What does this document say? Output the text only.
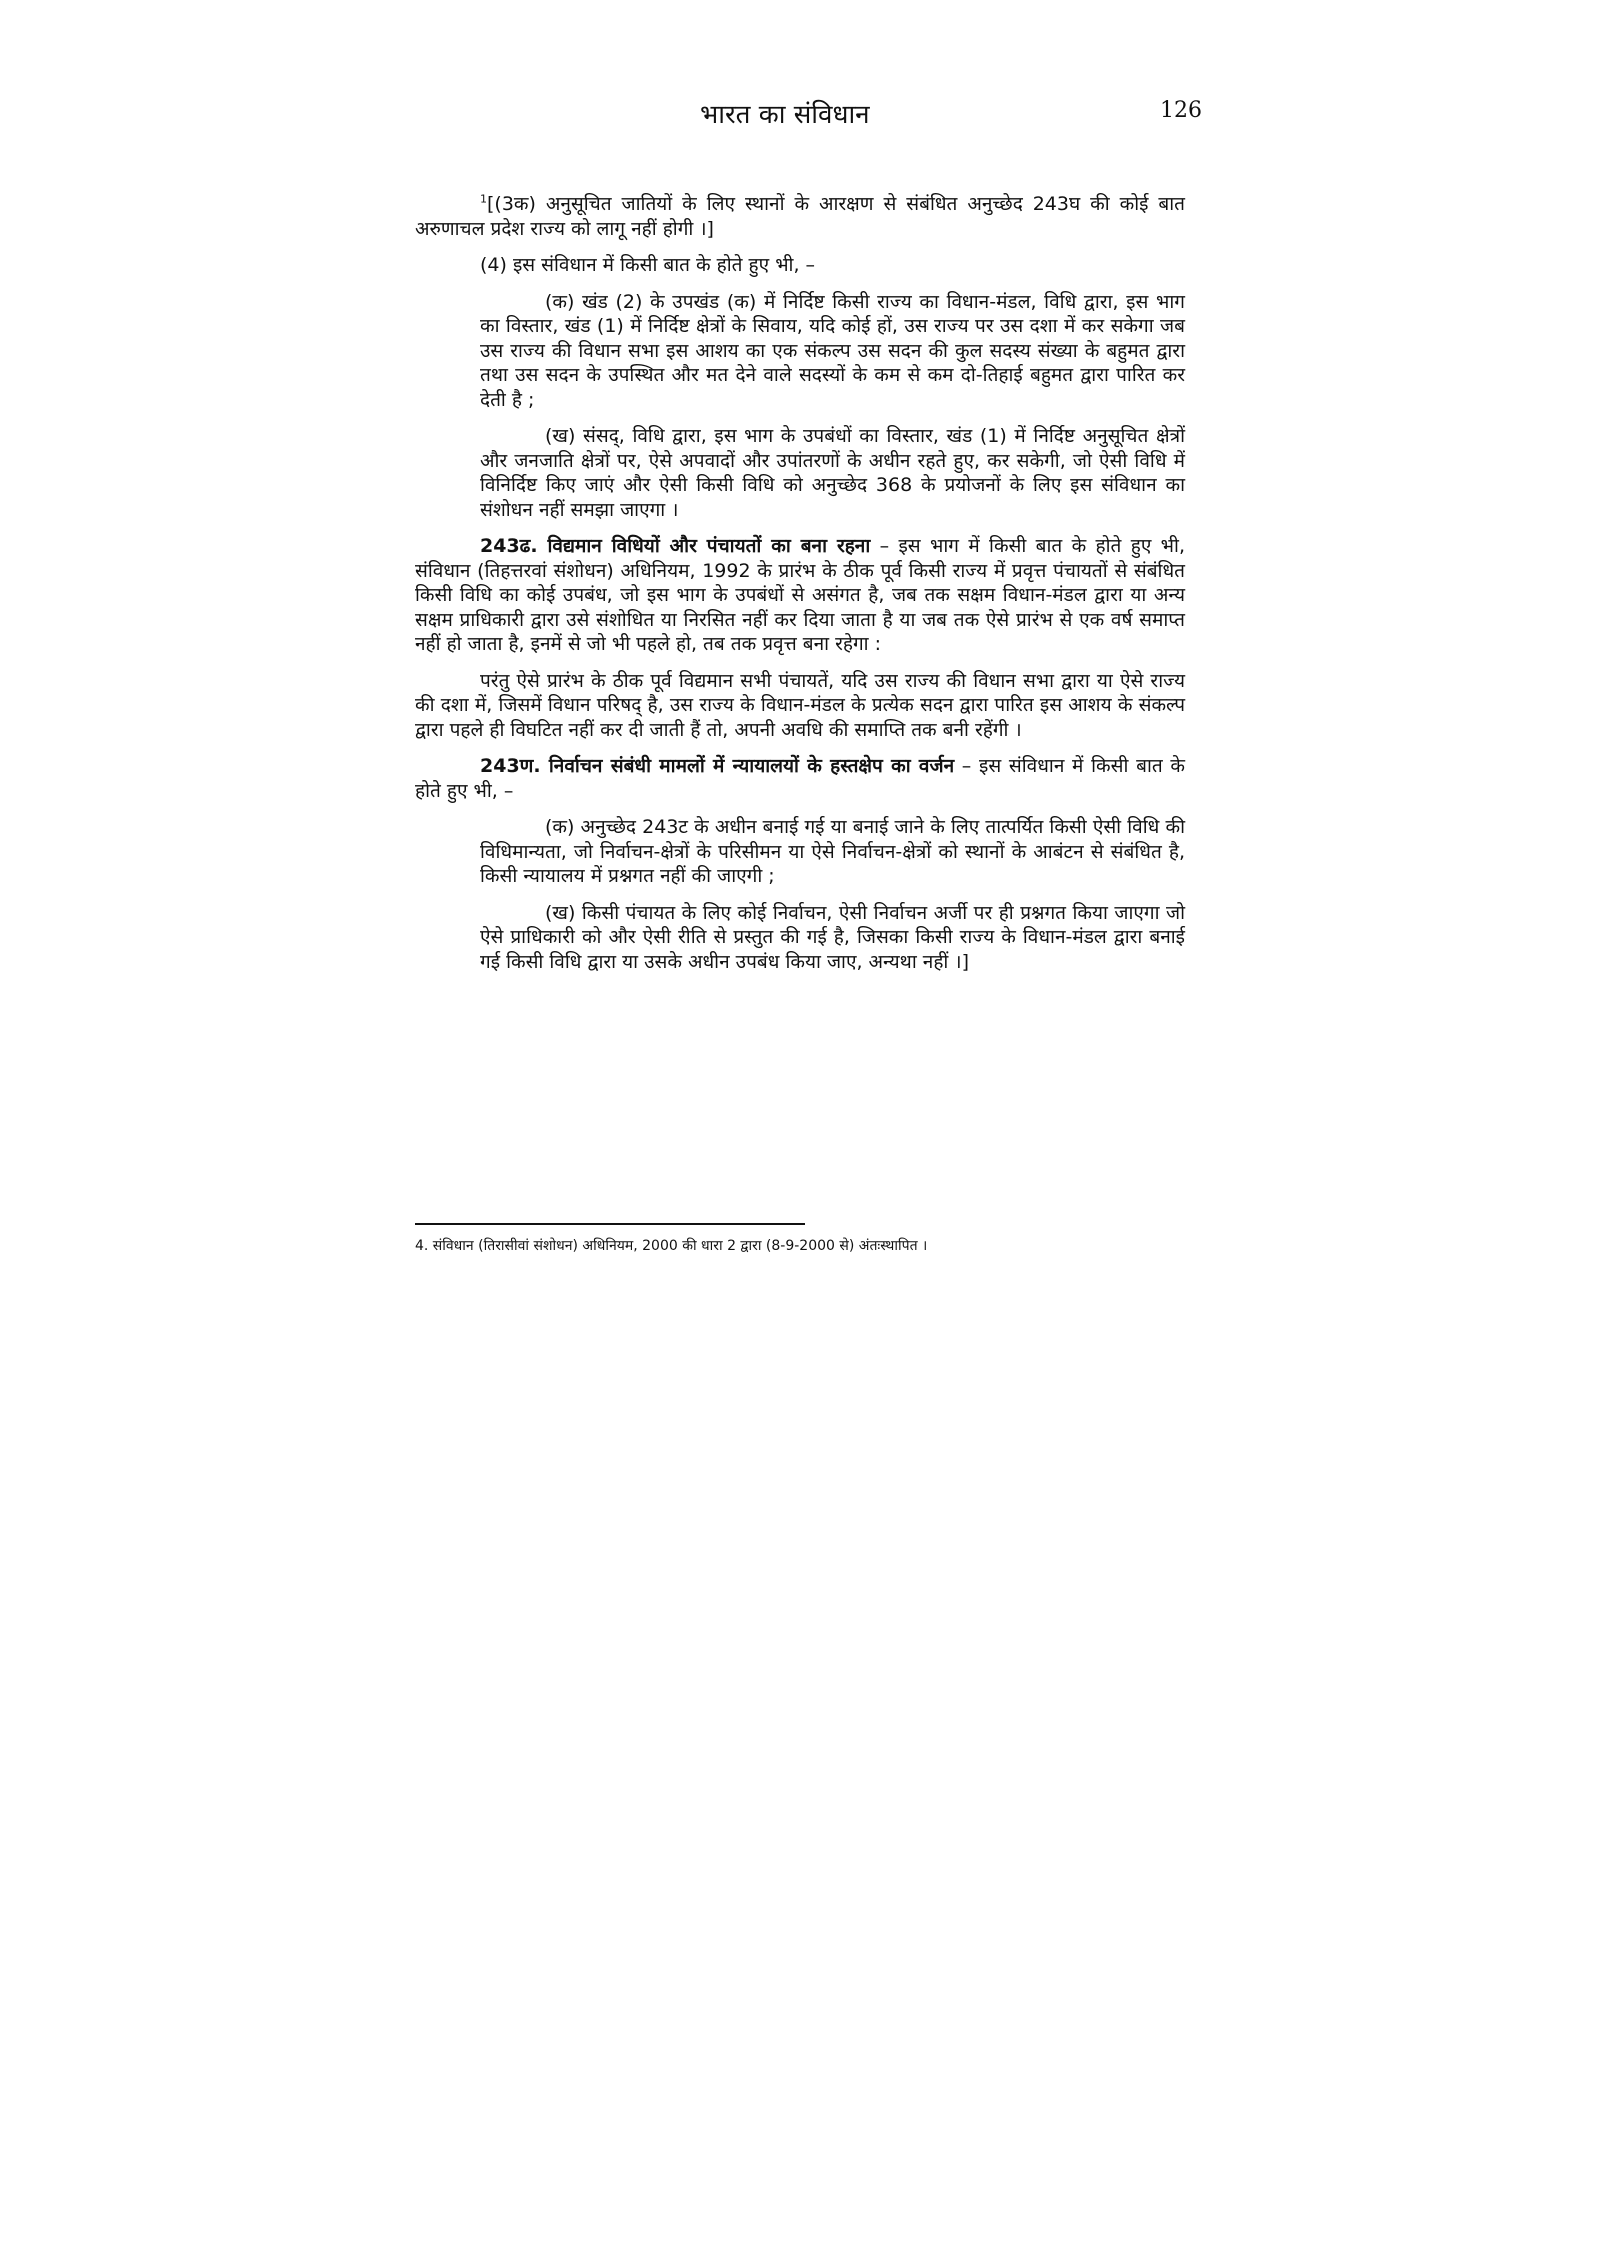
भारत का संविधान	126

$^1$[(3क) अनुसूचित जातियों के लिए स्थानों के आरक्षण से संबंधित अनुच्छेद 243घ की कोई बात अरुणाचल प्रदेश राज्य को लागू नहीं होगी ।]

(4) इस संविधान में किसी बात के होते हुए भी, –

(क) खंड (2) के उपखंड (क) में निर्दिष्ट किसी राज्य का विधान-मंडल, विधि द्वारा, इस भाग का विस्तार, खंड (1) में निर्दिष्ट क्षेत्रों के सिवाय, यदि कोई हों, उस राज्य पर उस दशा में कर सकेगा जब उस राज्य की विधान सभा इस आशय का एक संकल्प उस सदन की कुल सदस्य संख्या के बहुमत द्वारा तथा उस सदन के उपस्थित और मत देने वाले सदस्यों के कम से कम दो-तिहाई बहुमत द्वारा पारित कर देती है ;

(ख) संसद्, विधि द्वारा, इस भाग के उपबंधों का विस्तार, खंड (1) में निर्दिष्ट अनुसूचित क्षेत्रों और जनजाति क्षेत्रों पर, ऐसे अपवादों और उपांतरणों के अधीन रहते हुए, कर सकेगी, जो ऐसी विधि में विनिर्दिष्ट किए जाएं और ऐसी किसी विधि को अनुच्छेद 368 के प्रयोजनों के लिए इस संविधान का संशोधन नहीं समझा जाएगा ।

243ढ. विद्यमान विधियों और पंचायतों का बना रहना – इस भाग में किसी बात के होते हुए भी, संविधान (तिहत्तरवां संशोधन) अधिनियम, 1992 के प्रारंभ के ठीक पूर्व किसी राज्य में प्रवृत्त पंचायतों से संबंधित किसी विधि का कोई उपबंध, जो इस भाग के उपबंधों से असंगत है, जब तक सक्षम विधान-मंडल द्वारा या अन्य सक्षम प्राधिकारी द्वारा उसे संशोधित या निरसित नहीं कर दिया जाता है या जब तक ऐसे प्रारंभ से एक वर्ष समाप्त नहीं हो जाता है, इनमें से जो भी पहले हो, तब तक प्रवृत्त बना रहेगा :

परंतु ऐसे प्रारंभ के ठीक पूर्व विद्यमान सभी पंचायतें, यदि उस राज्य की विधान सभा द्वारा या ऐसे राज्य की दशा में, जिसमें विधान परिषद् है, उस राज्य के विधान-मंडल के प्रत्येक सदन द्वारा पारित इस आशय के संकल्प द्वारा पहले ही विघटित नहीं कर दी जाती हैं तो, अपनी अवधि की समाप्ति तक बनी रहेंगी ।

243ण. निर्वाचन संबंधी मामलों में न्यायालयों के हस्तक्षेप का वर्जन – इस संविधान में किसी बात के होते हुए भी, –

(क) अनुच्छेद 243ट के अधीन बनाई गई या बनाई जाने के लिए तात्पर्यित किसी ऐसी विधि की विधिमान्यता, जो निर्वाचन-क्षेत्रों के परिसीमन या ऐसे निर्वाचन-क्षेत्रों को स्थानों के आबंटन से संबंधित है, किसी न्यायालय में प्रश्नगत नहीं की जाएगी ;

(ख) किसी पंचायत के लिए कोई निर्वाचन, ऐसी निर्वाचन अर्जी पर ही प्रश्नगत किया जाएगा जो ऐसे प्राधिकारी को और ऐसी रीति से प्रस्तुत की गई है, जिसका किसी राज्य के विधान-मंडल द्वारा बनाई गई किसी विधि द्वारा या उसके अधीन उपबंध किया जाए, अन्यथा नहीं ।]

4. संविधान (तिरासीवां संशोधन) अधिनियम, 2000 की धारा 2 द्वारा (8-9-2000 से) अंतःस्थापित ।
